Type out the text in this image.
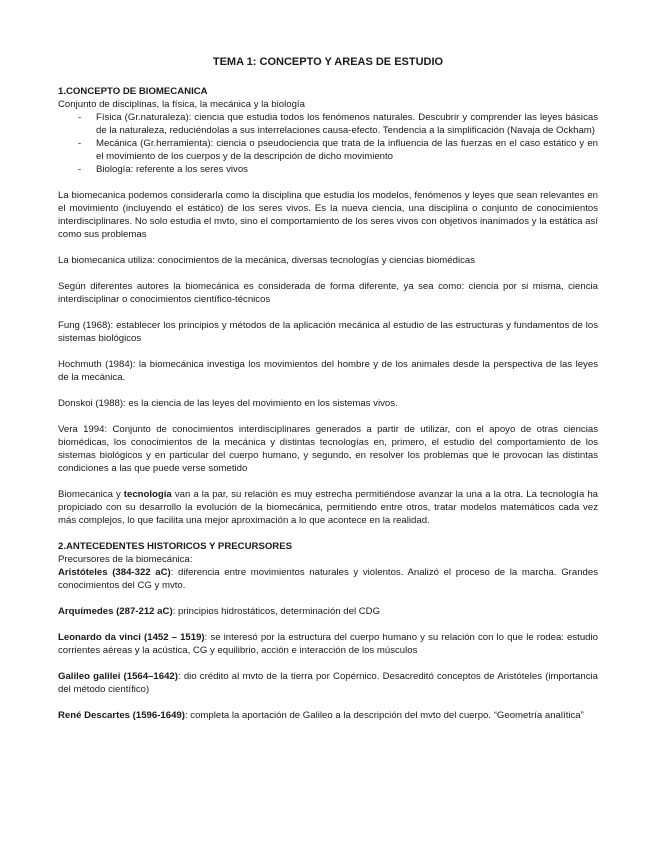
TEMA 1: CONCEPTO Y AREAS DE ESTUDIO
1.CONCEPTO DE BIOMECANICA

Conjunto de disciplinas, la física, la mecánica y la biología

- Física (Gr.naturaleza): ciencia que estudia todos los fenómenos naturales. Descubrir y comprender las leyes básicas de la naturaleza, reduciéndolas a sus interrelaciones causa-efecto. Tendencia a la simplificación (Navaja de Ockham)
- Mecánica (Gr.herramienta): ciencia o pseudociencia que trata de la influencia de las fuerzas en el caso estático y en el movimiento de los cuerpos y de la descripción de dicho movimiento
- Biología: referente a los seres vivos

La biomecanica podemos considerarla como la disciplina que estudia los modelos, fenómenos y leyes que sean relevantes en el movimiento (incluyendo el estático) de los seres vivos. Es la nueva ciencia, una disciplina o conjunto de conocimientos interdisciplinares. No solo estudia el mvto, sino el comportamiento de los seres vivos con objetivos inanimados y la estática así como sus problemas

La biomecanica utiliza: conocimientos de la mecánica, diversas tecnologías y ciencias biomédicas

Según diferentes autores la biomecánica es considerada de forma diferente, ya sea como: ciencia por si misma, ciencia interdisciplinar o conocimientos científico-técnicos

Fung (1968): establecer los principios y métodos de la aplicación mecánica al estudio de las estructuras y fundamentos de los sistemas biológicos

Hochmuth (1984): la biomecánica investiga los movimientos del hombre y de los animales desde la perspectiva de las leyes de la mecánica.

Donskoi (1988): es la ciencia de las leyes del movimiento en los sistemas vivos.

Vera 1994: Conjunto de conocimientos interdisciplinares generados a partir de utilizar, con el apoyo de otras ciencias biomédicas, los conocimientos de la mecánica y distintas tecnologías en, primero, el estudio del comportamiento de los sistemas biológicos y en particular del cuerpo humano, y segundo, en resolver los problemas que le provocan las distintas condiciones a las que puede verse sometido

Biomecanica y tecnología van a la par, su relación es muy estrecha permitiéndose avanzar la una a la otra. La tecnología ha propiciado con su desarrollo la evolución de la biomecánica, permitiendo entre otros, tratar modelos matemáticos cada vez más complejos, lo que facilita una mejor aproximación a lo que acontece en la realidad.

2.ANTECEDENTES HISTORICOS Y PRECURSORES

Precursores de la biomecánica:

Aristóteles (384-322 aC): diferencia entre movimientos naturales y violentos. Analizó el proceso de la marcha. Grandes conocimientos del CG y mvto.

Arquímedes (287-212 aC): principios hidrostáticos, determinación del CDG

Leonardo da vinci (1452 – 1519): se interesó por la estructura del cuerpo humano y su relación con lo que le rodea: estudio corrientes aéreas y la acústica, CG y equilibrio, acción e interacción de los músculos

Galileo galilei (1564–1642): dio crédito al mvto de la tierra por Copérnico. Desacreditó conceptos de Aristóteles (importancia del método científico)

René Descartes (1596-1649): completa la aportación de Galileo a la descripción del mvto del cuerpo. “Geometría analítica”
